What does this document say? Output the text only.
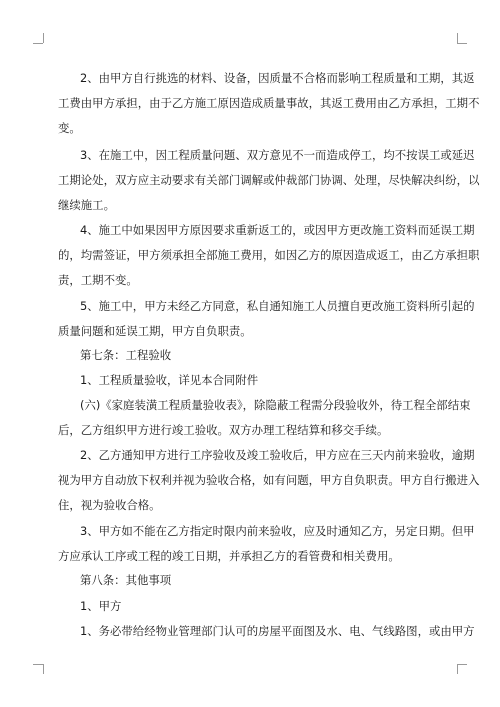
2、由甲方自行挑选的材料、设备，因质量不合格而影响工程质量和工期，其返
工费由甲方承担，由于乙方施工原因造成质量事故，其返工费用由乙方承担，工期不
变。
3、在施工中，因工程质量问题、双方意见不一而造成停工，均不按误工或延迟
工期论处，双方应主动要求有关部门调解或仲裁部门协调、处理，尽快解决纠纷，以
继续施工。
4、施工中如果因甲方原因要求重新返工的，或因甲方更改施工资料而延误工期
的，均需签证，甲方须承担全部施工费用，如因乙方的原因造成返工，由乙方承担职
责，工期不变。
5、施工中，甲方未经乙方同意，私自通知施工人员擅自更改施工资料所引起的
质量问题和延误工期，甲方自负职责。
第七条：工程验收
1、工程质量验收，详见本合同附件
(六)《家庭装潢工程质量验收表》，除隐蔽工程需分段验收外，待工程全部结束
后，乙方组织甲方进行竣工验收。双方办理工程结算和移交手续。
2、乙方通知甲方进行工序验收及竣工验收后，甲方应在三天内前来验收，逾期
视为甲方自动放下权利并视为验收合格，如有问题，甲方自负职责。甲方自行搬进入
住，视为验收合格。
3、甲方如不能在乙方指定时限内前来验收，应及时通知乙方，另定日期。但甲
方应承认工序或工程的竣工日期，并承担乙方的看管费和相关费用。
第八条：其他事项
1、甲方
1、务必带给经物业管理部门认可的房屋平面图及水、电、气线路图，或由甲方
